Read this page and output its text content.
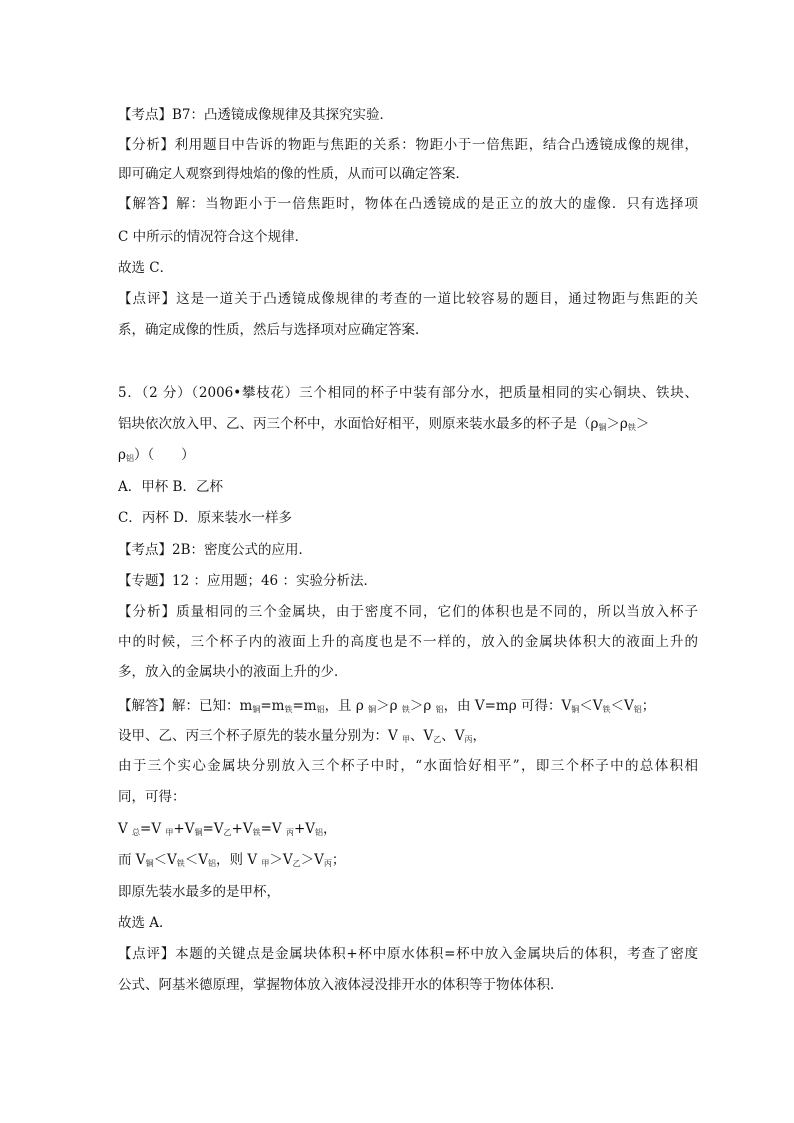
【考点】B7：凸透镜成像规律及其探究实验．
【分析】利用题目中告诉的物距与焦距的关系：物距小于一倍焦距，结合凸透镜成像的规律，
即可确定人观察到得烛焰的像的性质，从而可以确定答案．
【解答】解：当物距小于一倍焦距时，物体在凸透镜成的是正立的放大的虚像．只有选择项
C 中所示的情况符合这个规律．
故选 C．
【点评】这是一道关于凸透镜成像规律的考查的一道比较容易的题目，通过物距与焦距的关
系，确定成像的性质，然后与选择项对应确定答案．
5．（2 分）（2006•攀枝花）三个相同的杯子中装有部分水，把质量相同的实心铜块、铁块、
铝块依次放入甲、乙、丙三个杯中，水面恰好相平，则原来装水最多的杯子是（$\rho_铜>\rho_铁>$
$\rho_铝$）（　　）
A．甲杯 B．乙杯
C．丙杯 D．原来装水一样多
【考点】2B：密度公式的应用．
【专题】12 ：应用题；46 ：实验分析法．
【分析】质量相同的三个金属块，由于密度不同，它们的体积也是不同的，所以当放入杯子
中的时候，三个杯子内的液面上升的高度也是不一样的，放入的金属块体积大的液面上升的
多，放入的金属块小的液面上升的少．
【解答】解：已知：$m_铜=m_铁=m_铝$，且 ρ $_铜$＞ρ $_铁$＞ρ $_铝$，由 V=mρ 可得：$V_铜<V_铁<V_铝$；
设甲、乙、丙三个杯子原先的装水量分别为：V $_甲$、$V_乙$、$V_丙$，
由于三个实心金属块分别放入三个杯子中时，“水面恰好相平”，即三个杯子中的总体积相
同，可得：
V $_总$=V $_甲+V_铜=V_乙+V_铁=V$ $_丙+V_铝$，
而 $V_铜<V_铁<V_铝$，则 V $_甲>V_乙>V_丙$；
即原先装水最多的是甲杯，
故选 A．
【点评】本题的关键点是金属块体积+杯中原水体积=杯中放入金属块后的体积，考查了密度
公式、阿基米德原理，掌握物体放入液体浸没排开水的体积等于物体体积．
